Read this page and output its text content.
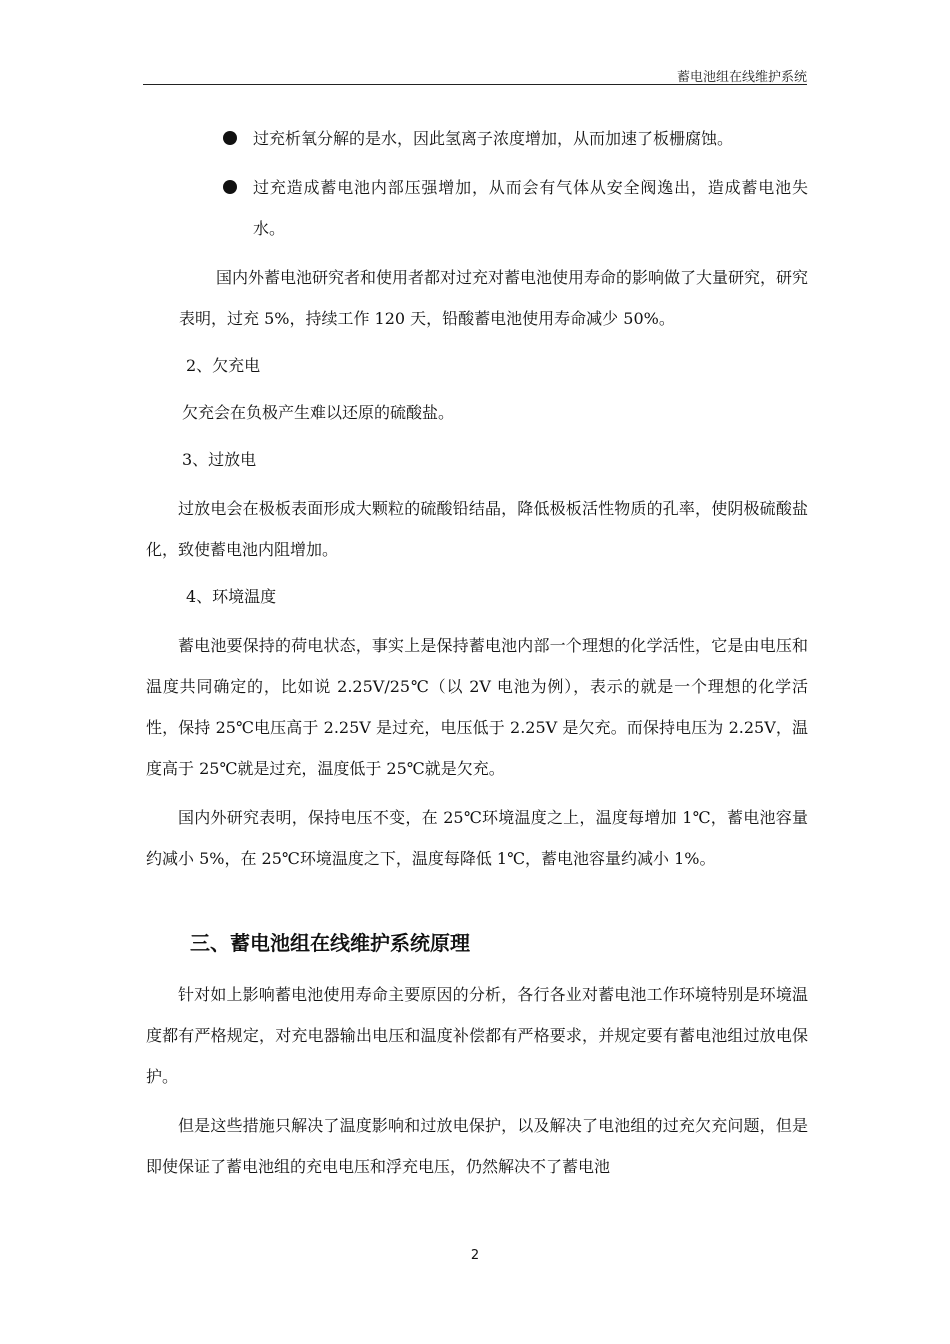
蓄电池组在线维护系统
过充析氧分解的是水，因此氢离子浓度增加，从而加速了板栅腐蚀。
过充造成蓄电池内部压强增加，从而会有气体从安全阀逸出，造成蓄电池失水。

国内外蓄电池研究者和使用者都对过充对蓄电池使用寿命的影响做了大量研究，研究表明，过充 5%，持续工作 120 天，铅酸蓄电池使用寿命减少 50%。

2、欠充电

欠充会在负极产生难以还原的硫酸盐。

3、过放电

过放电会在极板表面形成大颗粒的硫酸铅结晶，降低极板活性物质的孔率，使阴极硫酸盐化，致使蓄电池内阻增加。

4、环境温度

蓄电池要保持的荷电状态，事实上是保持蓄电池内部一个理想的化学活性，它是由电压和温度共同确定的，比如说 2.25V/25℃（以 2V 电池为例），表示的就是一个理想的化学活性，保持 25℃电压高于 2.25V 是过充，电压低于 2.25V 是欠充。而保持电压为 2.25V，温度高于 25℃就是过充，温度低于 25℃就是欠充。

国内外研究表明，保持电压不变，在 25℃环境温度之上，温度每增加 1℃，蓄电池容量约减小 5%，在 25℃环境温度之下，温度每降低 1℃，蓄电池容量约减小 1%。

三、蓄电池组在线维护系统原理

针对如上影响蓄电池使用寿命主要原因的分析，各行各业对蓄电池工作环境特别是环境温度都有严格规定，对充电器输出电压和温度补偿都有严格要求，并规定要有蓄电池组过放电保护。

但是这些措施只解决了温度影响和过放电保护，以及解决了电池组的过充欠充问题，但是即使保证了蓄电池组的充电电压和浮充电压，仍然解决不了蓄电池

2
